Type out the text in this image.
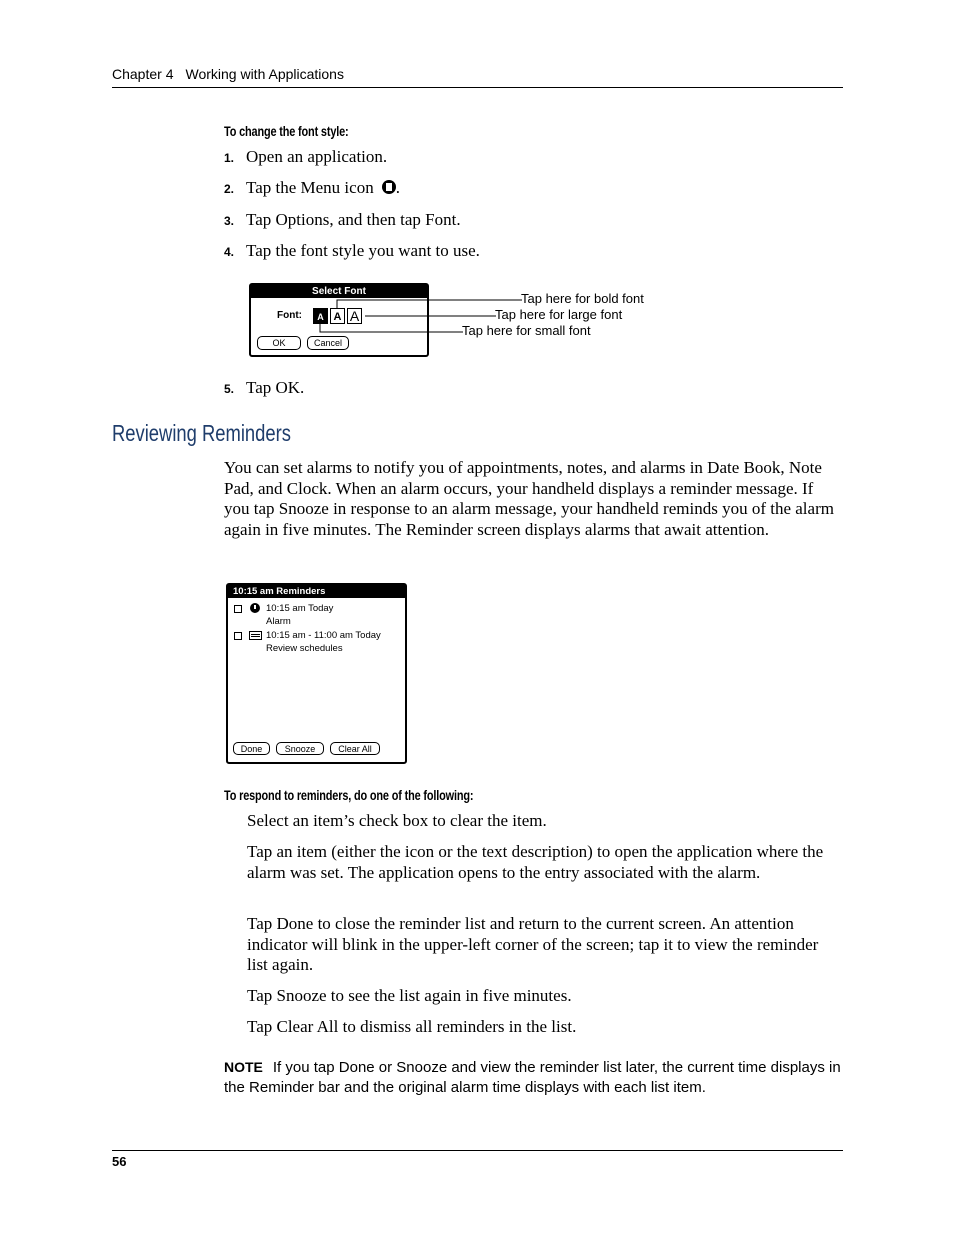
Chapter 4 Working with Applications
To change the font style:
1. Open an application.
2. Tap the Menu icon .
3. Tap Options, and then tap Font.
4. Tap the font style you want to use.
Select Font
Font:	A A A
OK	Cancel
Tap here for bold font
Tap here for large font
Tap here for small font
5. Tap OK.
Reviewing Reminders
You can set alarms to notify you of appointments, notes, and alarms in Date Book, Note Pad, and Clock. When an alarm occurs, your handheld displays a reminder message. If you tap Snooze in response to an alarm message, your handheld reminds you of the alarm again in five minutes. The Reminder screen displays alarms that await attention.
10:15 am Reminders
10:15 am Today
Alarm
10:15 am - 11:00 am Today
Review schedules
Done	Snooze	Clear All
To respond to reminders, do one of the following:
Select an item’s check box to clear the item.
Tap an item (either the icon or the text description) to open the application where the alarm was set. The application opens to the entry associated with the alarm.
Tap Done to close the reminder list and return to the current screen. An attention indicator will blink in the upper-left corner of the screen; tap it to view the reminder list again.
Tap Snooze to see the list again in five minutes.
Tap Clear All to dismiss all reminders in the list.
NOTE If you tap Done or Snooze and view the reminder list later, the current time displays in the Reminder bar and the original alarm time displays with each list item.
56
